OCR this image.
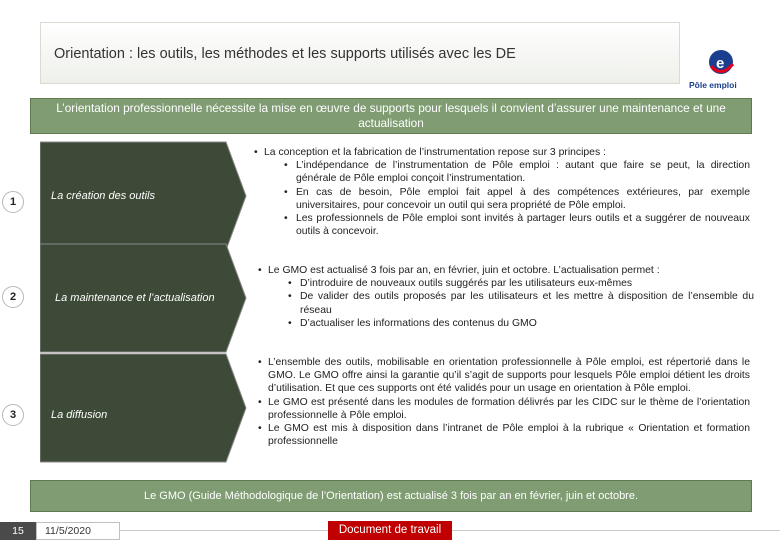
Orientation : les outils, les méthodes et les supports utilisés avec les DE
e
Pôle emploi
L’orientation professionnelle nécessite la mise en œuvre de supports pour lesquels il convient d’assurer une maintenance et une actualisation
1	La création des outils
• La conception et la fabrication de l’instrumentation repose sur 3 principes :
• L’indépendance de l’instrumentation de Pôle emploi : autant que faire se peut, la direction générale de Pôle emploi conçoit l’instrumentation.
• En cas de besoin, Pôle emploi fait appel à des compétences extérieures, par exemple universitaires, pour concevoir un outil qui sera propriété de Pôle emploi.
• Les professionnels de Pôle emploi sont invités à partager leurs outils et a suggérer de nouveaux outils à concevoir.
2	La maintenance et l’actualisation
• Le GMO est actualisé 3 fois par an, en février, juin et octobre. L’actualisation permet :
• D’introduire de nouveaux outils suggérés par les utilisateurs eux-mêmes
• De valider des outils proposés par les utilisateurs et les mettre à disposition de l’ensemble du réseau
• D’actualiser les informations des contenus du GMO
3	La diffusion
• L’ensemble des outils, mobilisable en orientation professionnelle à Pôle emploi, est répertorié dans le GMO. Le GMO offre ainsi la garantie qu’il s’agit de supports pour lesquels Pôle emploi détient les droits d’utilisation. Et que ces supports ont été validés pour un usage en orientation à Pôle emploi.
• Le GMO est présenté dans les modules de formation délivrés par les CIDC sur le thème de l’orientation professionnelle à Pôle emploi.
• Le GMO est mis à disposition dans l’intranet de Pôle emploi à la rubrique « Orientation et formation professionnelle
Le GMO (Guide Méthodologique de l’Orientation) est actualisé 3 fois par an en février, juin et octobre.
15	11/5/2020	Document de travail
